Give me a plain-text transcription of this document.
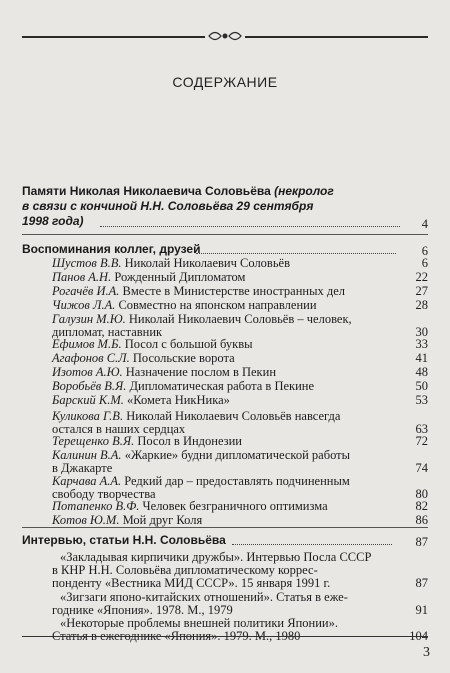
СОДЕРЖАНИЕ
Памяти Николая Николаевича Соловьёва (некролог
в связи с кончиной Н.Н. Соловьёва 29 сентября
1998 года)	4
Воспоминания коллег, друзей	6
Шустов В.В. Николай Николаевич Соловьёв	6
Панов А.Н. Рожденный Дипломатом	22
Рогачёв И.А. Вместе в Министерстве иностранных дел	27
Чижов Л.А. Совместно на японском направлении	28
Галузин М.Ю. Николай Николаевич Соловьёв – человек,
дипломат, наставник	30
Ефимов М.Б. Посол с большой буквы	33
Агафонов С.Л. Посольские ворота	41
Изотов А.Ю. Назначение послом в Пекин	48
Воробьёв В.Я. Дипломатическая работа в Пекине	50
Барский К.М. «Комета НикНика»	53
Куликова Г.В. Николай Николаевич Соловьёв навсегда
остался в наших сердцах	63
Терещенко В.Я. Посол в Индонезии	72
Калинин В.А. «Жаркие» будни дипломатической работы
в Джакарте	74
Карчава А.А. Редкий дар – предоставлять подчиненным
свободу творчества	80
Потапенко В.Ф. Человек безграничного оптимизма	82
Котов Ю.М. Мой друг Коля	86
Интервью, статьи Н.Н. Соловьёва	87
«Закладывая кирпичики дружбы». Интервью Посла СССР
в КНР Н.Н. Соловьёва дипломатическому коррес-
понденту «Вестника МИД СССР». 15 января 1991 г.	87
«Зигзаги японо-китайских отношений». Статья в еже-
годнике «Япония». 1978. М., 1979	91
«Некоторые проблемы внешней политики Японии».
Статья в ежегоднике «Япония». 1979. М., 1980	104
3
